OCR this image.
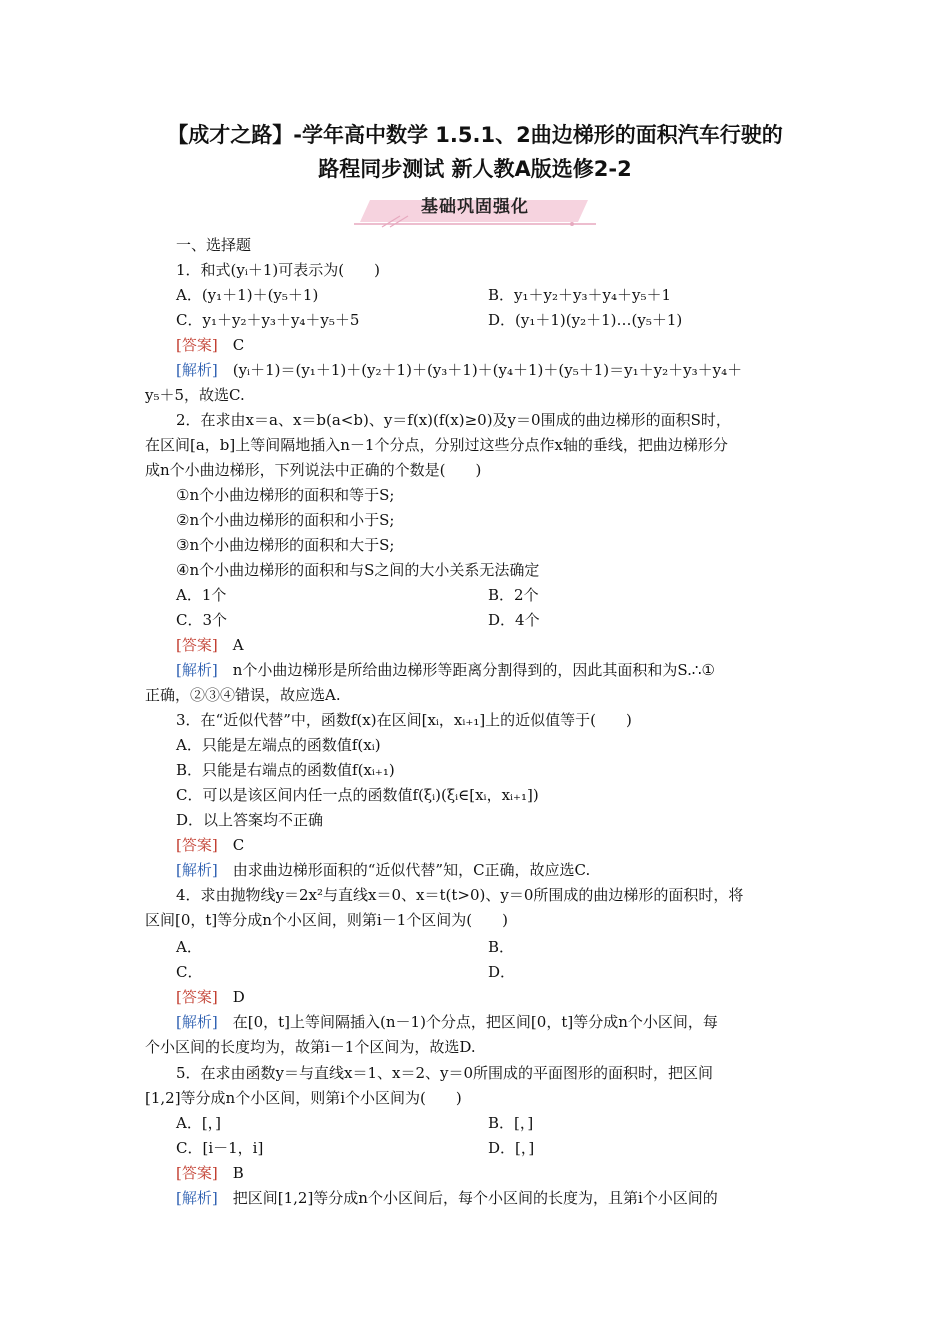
【成才之路】-学年高中数学 1.5.1、2曲边梯形的面积汽车行驶的
路程同步测试 新人教A版选修2-2
基础巩固强化
一、选择题
1．和式(yᵢ＋1)可表示为(　　)
A．(y₁＋1)＋(y₅＋1)	B．y₁＋y₂＋y₃＋y₄＋y₅＋1
C．y₁＋y₂＋y₃＋y₄＋y₅＋5	D．(y₁＋1)(y₂＋1)…(y₅＋1)
[答案]　 C
[解析]　 (yᵢ＋1)＝(y₁＋1)＋(y₂＋1)＋(y₃＋1)＋(y₄＋1)＋(y₅＋1)＝y₁＋y₂＋y₃＋y₄＋
y₅＋5，故选C.
2．在求由x＝a、x＝b(a<b)、y＝f(x)(f(x)≥0)及y＝0围成的曲边梯形的面积S时，
在区间[a，b]上等间隔地插入n－1个分点，分别过这些分点作x轴的垂线，把曲边梯形分
成n个小曲边梯形，下列说法中正确的个数是(　　)
①n个小曲边梯形的面积和等于S;
②n个小曲边梯形的面积和小于S;
③n个小曲边梯形的面积和大于S;
④n个小曲边梯形的面积和与S之间的大小关系无法确定
A．1个	B．2个
C．3个	D．4个
[答案]　 A
[解析]　 n个小曲边梯形是所给曲边梯形等距离分割得到的，因此其面积和为S.∴①
正确，②③④错误，故应选A.
3．在“近似代替”中，函数f(x)在区间[xᵢ，xᵢ₊₁]上的近似值等于(　　)
A．只能是左端点的函数值f(xᵢ)
B．只能是右端点的函数值f(xᵢ₊₁)
C．可以是该区间内任一点的函数值f(ξᵢ)(ξᵢ∈[xᵢ，xᵢ₊₁])
D．以上答案均不正确
[答案]　 C
[解析]　 由求曲边梯形面积的“近似代替”知，C正确，故应选C.
4．求由抛物线y＝2x²与直线x＝0、x＝t(t>0)、y＝0所围成的曲边梯形的面积时，将
区间[0，t]等分成n个小区间，则第i－1个区间为(　　)
A．	B．
C．	D．
[答案]　 D
[解析]　 在[0，t]上等间隔插入(n－1)个分点，把区间[0，t]等分成n个小区间，每
个小区间的长度均为，故第i－1个区间为，故选D.
5．在求由函数y＝与直线x＝1、x＝2、y＝0所围成的平面图形的面积时，把区间
[1,2]等分成n个小区间，则第i个小区间为(　　)
A．[，]	B．[，]
C．[i－1，i]	D．[，]
[答案]　 B
[解析]　 把区间[1,2]等分成n个小区间后，每个小区间的长度为，且第i个小区间的
